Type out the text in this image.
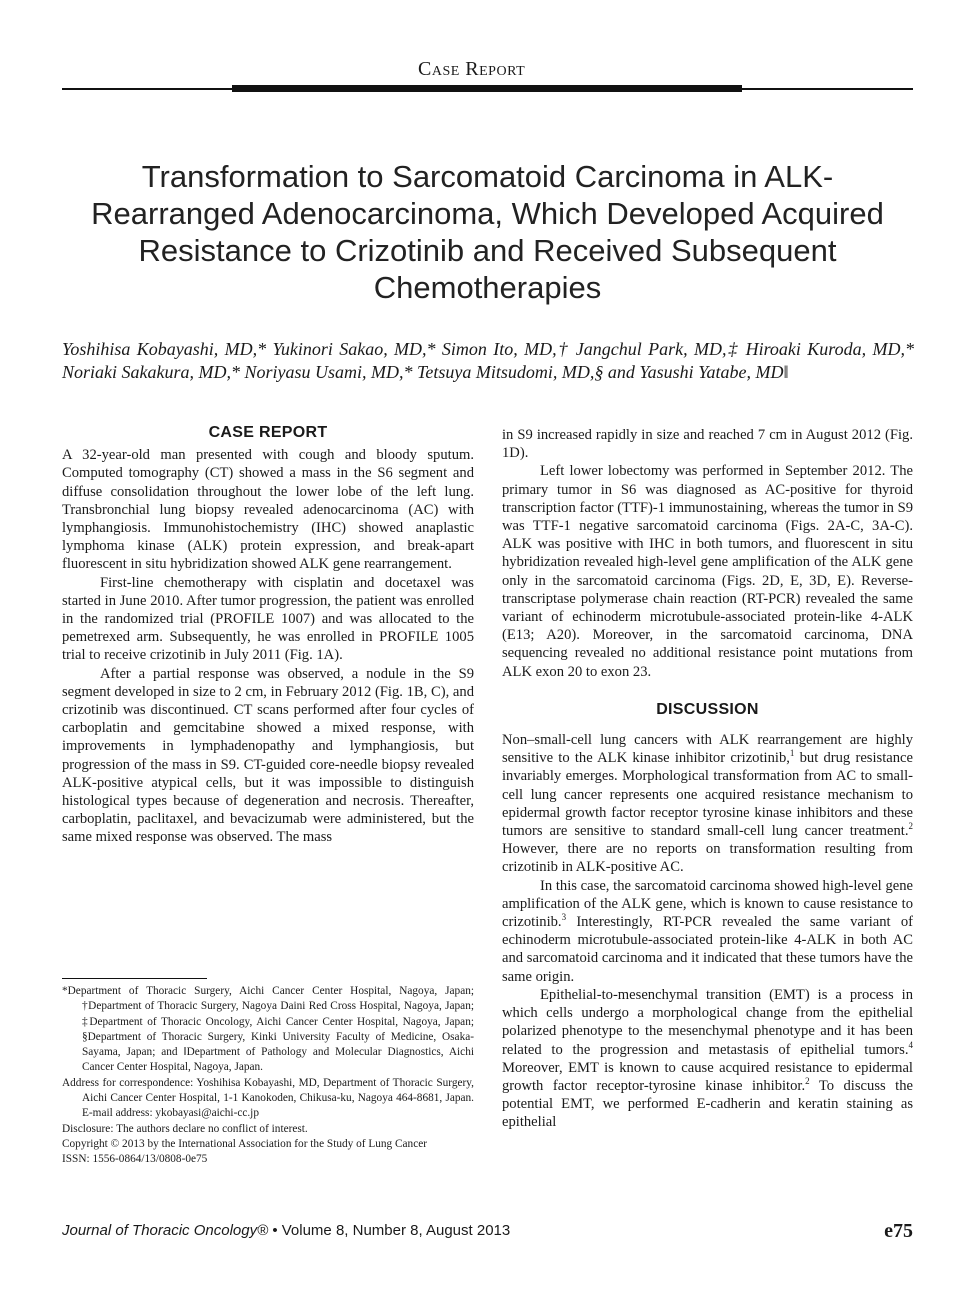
Case Report
Transformation to Sarcomatoid Carcinoma in ALK-Rearranged Adenocarcinoma, Which Developed Acquired Resistance to Crizotinib and Received Subsequent Chemotherapies
Yoshihisa Kobayashi, MD,* Yukinori Sakao, MD,* Simon Ito, MD,† Jangchul Park, MD,‡ Hiroaki Kuroda, MD,* Noriaki Sakakura, MD,* Noriyasu Usami, MD,* Tetsuya Mitsudomi, MD,§ and Yasushi Yatabe, MD‖
CASE REPORT

A 32-year-old man presented with cough and bloody sputum. Computed tomography (CT) showed a mass in the S6 segment and diffuse consolidation throughout the lower lobe of the left lung. Transbronchial lung biopsy revealed adenocarcinoma (AC) with lymphangiosis. Immunohistochemistry (IHC) showed anaplastic lymphoma kinase (ALK) protein expression, and break-apart fluorescent in situ hybridization showed ALK gene rearrangement.

First-line chemotherapy with cisplatin and docetaxel was started in June 2010. After tumor progression, the patient was enrolled in the randomized trial (PROFILE 1007) and was allocated to the pemetrexed arm. Subsequently, he was enrolled in PROFILE 1005 trial to receive crizotinib in July 2011 (Fig. 1A).

After a partial response was observed, a nodule in the S9 segment developed in size to 2 cm, in February 2012 (Fig. 1B, C), and crizotinib was discontinued. CT scans performed after four cycles of carboplatin and gemcitabine showed a mixed response, with improvements in lymphadenopathy and lymphangiosis, but progression of the mass in S9. CT-guided core-needle biopsy revealed ALK-positive atypical cells, but it was impossible to distinguish histological types because of degeneration and necrosis. Thereafter, carboplatin, paclitaxel, and bevacizumab were administered, but the same mixed response was observed. The mass

in S9 increased rapidly in size and reached 7 cm in August 2012 (Fig. 1D).

Left lower lobectomy was performed in September 2012. The primary tumor in S6 was diagnosed as AC-positive for thyroid transcription factor (TTF)-1 immunostaining, whereas the tumor in S9 was TTF-1 negative sarcomatoid carcinoma (Figs. 2A-C, 3A-C). ALK was positive with IHC in both tumors, and fluorescent in situ hybridization revealed high-level gene amplification of the ALK gene only in the sarcomatoid carcinoma (Figs. 2D, E, 3D, E). Reverse-transcriptase polymerase chain reaction (RT-PCR) revealed the same variant of echinoderm microtubule-associated protein-like 4-ALK (E13; A20). Moreover, in the sarcomatoid carcinoma, DNA sequencing revealed no additional resistance point mutations from ALK exon 20 to exon 23.

DISCUSSION

Non–small-cell lung cancers with ALK rearrangement are highly sensitive to the ALK kinase inhibitor crizotinib,$^1$ but drug resistance invariably emerges. Morphological transformation from AC to small-cell lung cancer represents one acquired resistance mechanism to epidermal growth factor receptor tyrosine kinase inhibitors and these tumors are sensitive to standard small-cell lung cancer treatment.$^2$ However, there are no reports on transformation resulting from crizotinib in ALK-positive AC.

In this case, the sarcomatoid carcinoma showed high-level gene amplification of the ALK gene, which is known to cause resistance to crizotinib.$^3$ Interestingly, RT-PCR revealed the same variant of echinoderm microtubule-associated protein-like 4-ALK in both AC and sarcomatoid carcinoma and it indicated that these tumors have the same origin.

Epithelial-to-mesenchymal transition (EMT) is a process in which cells undergo a morphological change from the epithelial polarized phenotype to the mesenchymal phenotype and it has been related to the progression and metastasis of epithelial tumors.$^4$ Moreover, EMT is known to cause acquired resistance to epidermal growth factor receptor-tyrosine kinase inhibitor.$^2$ To discuss the potential EMT, we performed E-cadherin and keratin staining as epithelial

*Department of Thoracic Surgery, Aichi Cancer Center Hospital, Nagoya, Japan; †Department of Thoracic Surgery, Nagoya Daini Red Cross Hospital, Nagoya, Japan; ‡Department of Thoracic Oncology, Aichi Cancer Center Hospital, Nagoya, Japan; §Department of Thoracic Surgery, Kinki University Faculty of Medicine, Osaka-Sayama, Japan; and ‖Department of Pathology and Molecular Diagnostics, Aichi Cancer Center Hospital, Nagoya, Japan.

Address for correspondence: Yoshihisa Kobayashi, MD, Department of Thoracic Surgery, Aichi Cancer Center Hospital, 1-1 Kanokoden, Chikusa-ku, Nagoya 464-8681, Japan. E-mail address: ykobayasi@aichi-cc.jp

Disclosure: The authors declare no conflict of interest.

Copyright © 2013 by the International Association for the Study of Lung Cancer

ISSN: 1556-0864/13/0808-0e75

Journal of Thoracic Oncology® • Volume 8, Number 8, August 2013	e75
